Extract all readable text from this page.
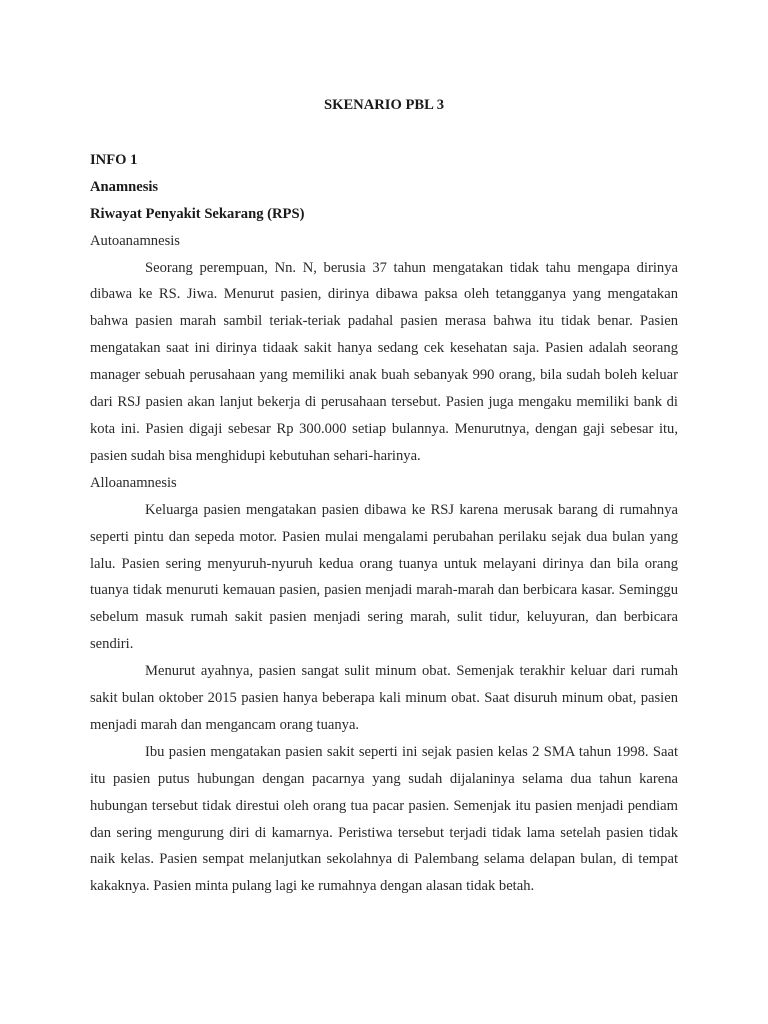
SKENARIO PBL 3

INFO 1

Anamnesis

Riwayat Penyakit Sekarang (RPS)

Autoanamnesis

Seorang perempuan, Nn. N, berusia 37 tahun mengatakan tidak tahu mengapa dirinya dibawa ke RS. Jiwa. Menurut pasien, dirinya dibawa paksa oleh tetangganya yang mengatakan bahwa pasien marah sambil teriak-teriak padahal pasien merasa bahwa itu tidak benar. Pasien mengatakan saat ini dirinya tidaak sakit hanya sedang cek kesehatan saja. Pasien adalah seorang manager sebuah perusahaan yang memiliki anak buah sebanyak 990 orang, bila sudah boleh keluar dari RSJ pasien akan lanjut bekerja di perusahaan tersebut. Pasien juga mengaku memiliki bank di kota ini. Pasien digaji sebesar Rp 300.000 setiap bulannya. Menurutnya, dengan gaji sebesar itu, pasien sudah bisa menghidupi kebutuhan sehari-harinya.

Alloanamnesis

Keluarga pasien mengatakan pasien dibawa ke RSJ karena merusak barang di rumahnya seperti pintu dan sepeda motor. Pasien mulai mengalami perubahan perilaku sejak dua bulan yang lalu. Pasien sering menyuruh-nyuruh kedua orang tuanya untuk melayani dirinya dan bila orang tuanya tidak menuruti kemauan pasien, pasien menjadi marah-marah dan berbicara kasar. Seminggu sebelum masuk rumah sakit pasien menjadi sering marah, sulit tidur, keluyuran, dan berbicara sendiri.

Menurut ayahnya, pasien sangat sulit minum obat. Semenjak terakhir keluar dari rumah sakit bulan oktober 2015 pasien hanya beberapa kali minum obat. Saat disuruh minum obat, pasien menjadi marah dan mengancam orang tuanya.

Ibu pasien mengatakan pasien sakit seperti ini sejak pasien kelas 2 SMA tahun 1998. Saat itu pasien putus hubungan dengan pacarnya yang sudah dijalaninya selama dua tahun karena hubungan tersebut tidak direstui oleh orang tua pacar pasien. Semenjak itu pasien menjadi pendiam dan sering mengurung diri di kamarnya. Peristiwa tersebut terjadi tidak lama setelah pasien tidak naik kelas. Pasien sempat melanjutkan sekolahnya di Palembang selama delapan bulan, di tempat kakaknya. Pasien minta pulang lagi ke rumahnya dengan alasan tidak betah.
